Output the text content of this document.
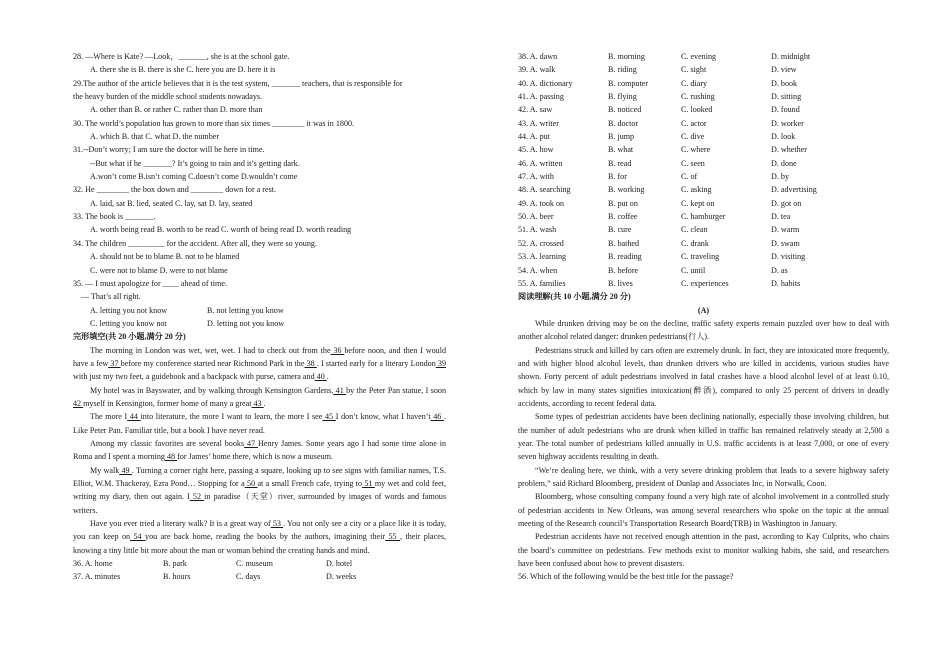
28. —Where is Kate? —Look，_______, she is at the school gate.
A. there she is B. there is she C. here you are D. here it is
29.The author of the article believes that it is the test system, _______ teachers, that is responsible for
the heavy burden of the middle school students nowadays.
A. other than B. or rather C. rather than D. more than
30. The world’s population has grown to more than six times ________ it was in 1800.
A. which B. that C. what D. the number
31.--Don’t worry; I am sure the doctor will be here in time.
--But what if he _______? It’s going to rain and it’s getting dark.
A.won’t come B.isn’t coming C.doesn’t come D.wouldn’t come
32. He ________ the box down and ________ down for a rest.
A. laid, sat B. lied, seated C. lay, sat D. lay, seated
33. The book is _______.
A. worth being read B. worth to be read C. worth of being read D. worth reading
34. The children _________ for the accident. After all, they were so young.
A. should not be to blame B. not to be blamed
C. were not to blame D. were to not blame
35. — I must apologize for ____ ahead of time.
— That’s all right.
A. letting you not know	B. not letting you know
C. letting you know not	D. letting not you know
完形填空(共 20 小题,满分 20 分)
The morning in London was wet, wet, wet. I had to check out from the 36 before noon, and then I would have a few 37 before my conference started near Richmond Park in the 38 . I started early for a literary London 39 with just my two feet, a guidebook and a backpack with purse, camera and 40 .
My hotel was in Bayswater, and by walking through Kensington Gardens, 41 by the Peter Pan statue, I soon 42 myself in Kensington, former home of many a great 43 .
The more I 44 into literature, the more I want to learn, the more I see 45 I don’t know, what I haven’t 46 . Like Peter Pan. Familiar title, but a book I have never read.
Among my classic favorites are several books 47 Henry James. Some years ago I had some time alone in Roma and I spent a morning 48 for James’ home there, which is now a museum.
My walk 49 . Turning a corner right here, passing a square, looking up to see signs with familiar names, T.S. Elliot, W.M. Thackeray, Ezra Pond… Stopping for a 50 at a small French cafe, trying to 51 my wet and cold feet, writing my diary, then out again. I 52 in paradise（天堂）river, surrounded by images of words and famous writers.
Have you ever tried a literary walk? It is a great way of 53 . You not only see a city or a place like it is today, you can keep on 54 you are back home, reading the books by the authors, imagining their 55 , their places, knowing a tiny little bit more about the man or woman behind the creating hands and mind.
36. A. home	B. park	C. museum	D. hotel
37. A. minutes	B. hours	C. days	D. weeks
38. A. dawn	B. morning	C. evening	D. midnight
39. A. walk	B. riding	C. sight	D. view
40. A. dictionary	B. computer	C. diary	D. book
41. A. passing	B. flying	C. rushing	D. sitting
42. A. saw	B. noticed	C. looked	D. found
43. A. writer	B. doctor	C. actor	D. worker
44. A. put	B. jump	C. dive	D. look
45. A. how	B. what	C. where	D. whether
46. A. written	B. read	C. seen	D. done
47. A. with	B. for	C. of	D. by
48. A. searching	B. working	C. asking	D. advertising
49. A. took on	B. put on	C. kept on	D. got on
50. A. beer	B. coffee	C. hamburger	D. tea
51. A. wash	B. cure	C. clean	D. warm
52. A. crossed	B. bathed	C. drank	D. swam
53. A. learning	B. reading	C. traveling	D. visiting
54. A. when	B. before	C. until	D. as
55. A. families	B. lives	C. experiences	D. habits
阅读理解(共 10 小题,满分 20 分)
(A)
While drunken driving may be on the decline, traffic safety experts remain puzzled over how to deal with another alcohol related danger: drunken pedestrians(行人).
Pedestrians struck and killed by cars often are extremely drunk. In fact, they are intoxicated more frequently, and with higher blood alcohol levels, than drunken drivers who are killed in accidents, various studies have shown. Forty percent of adult pedestrians involved in fatal crashes have a blood alcohol level of at least 0.10, which by law in many states signifies intoxication(醉酒), compared to only 25 percent of drivers in deadly accidents, according to recent federal data.
Some types of pedestrian accidents have been declining nationally, especially those involving children, but the number of adult pedestrians who are drunk when killed in traffic has remained relatively steady at 2,500 a year. The total number of pedestrians killed annually in U.S. traffic accidents is at least 7,000, or one of every seven highway accidents resulting in death.
“We’re dealing here, we think, with a very severe drinking problem that leads to a severe highway safety problem,” said Richard Bloomberg, president of Dunlap and Associates Inc, in Norwalk, Coon.
Bloomberg, whose consulting company found a very high rate of alcohol involvement in a controlled study of pedestrian accidents in New Orleans, was among several researchers who spoke on the topic at the annual meeting of the Research council’s Transportation Research Board(TRB) in Washington in January.
Pedestrian accidents have not received enough attention in the past, according to Kay Culprits, who chairs the board’s committee on pedestrians. Few methods exist to monitor walking habits, she said, and researchers have been confused about how to prevent disasters.
56. Which of the following would be the best title for the passage?
